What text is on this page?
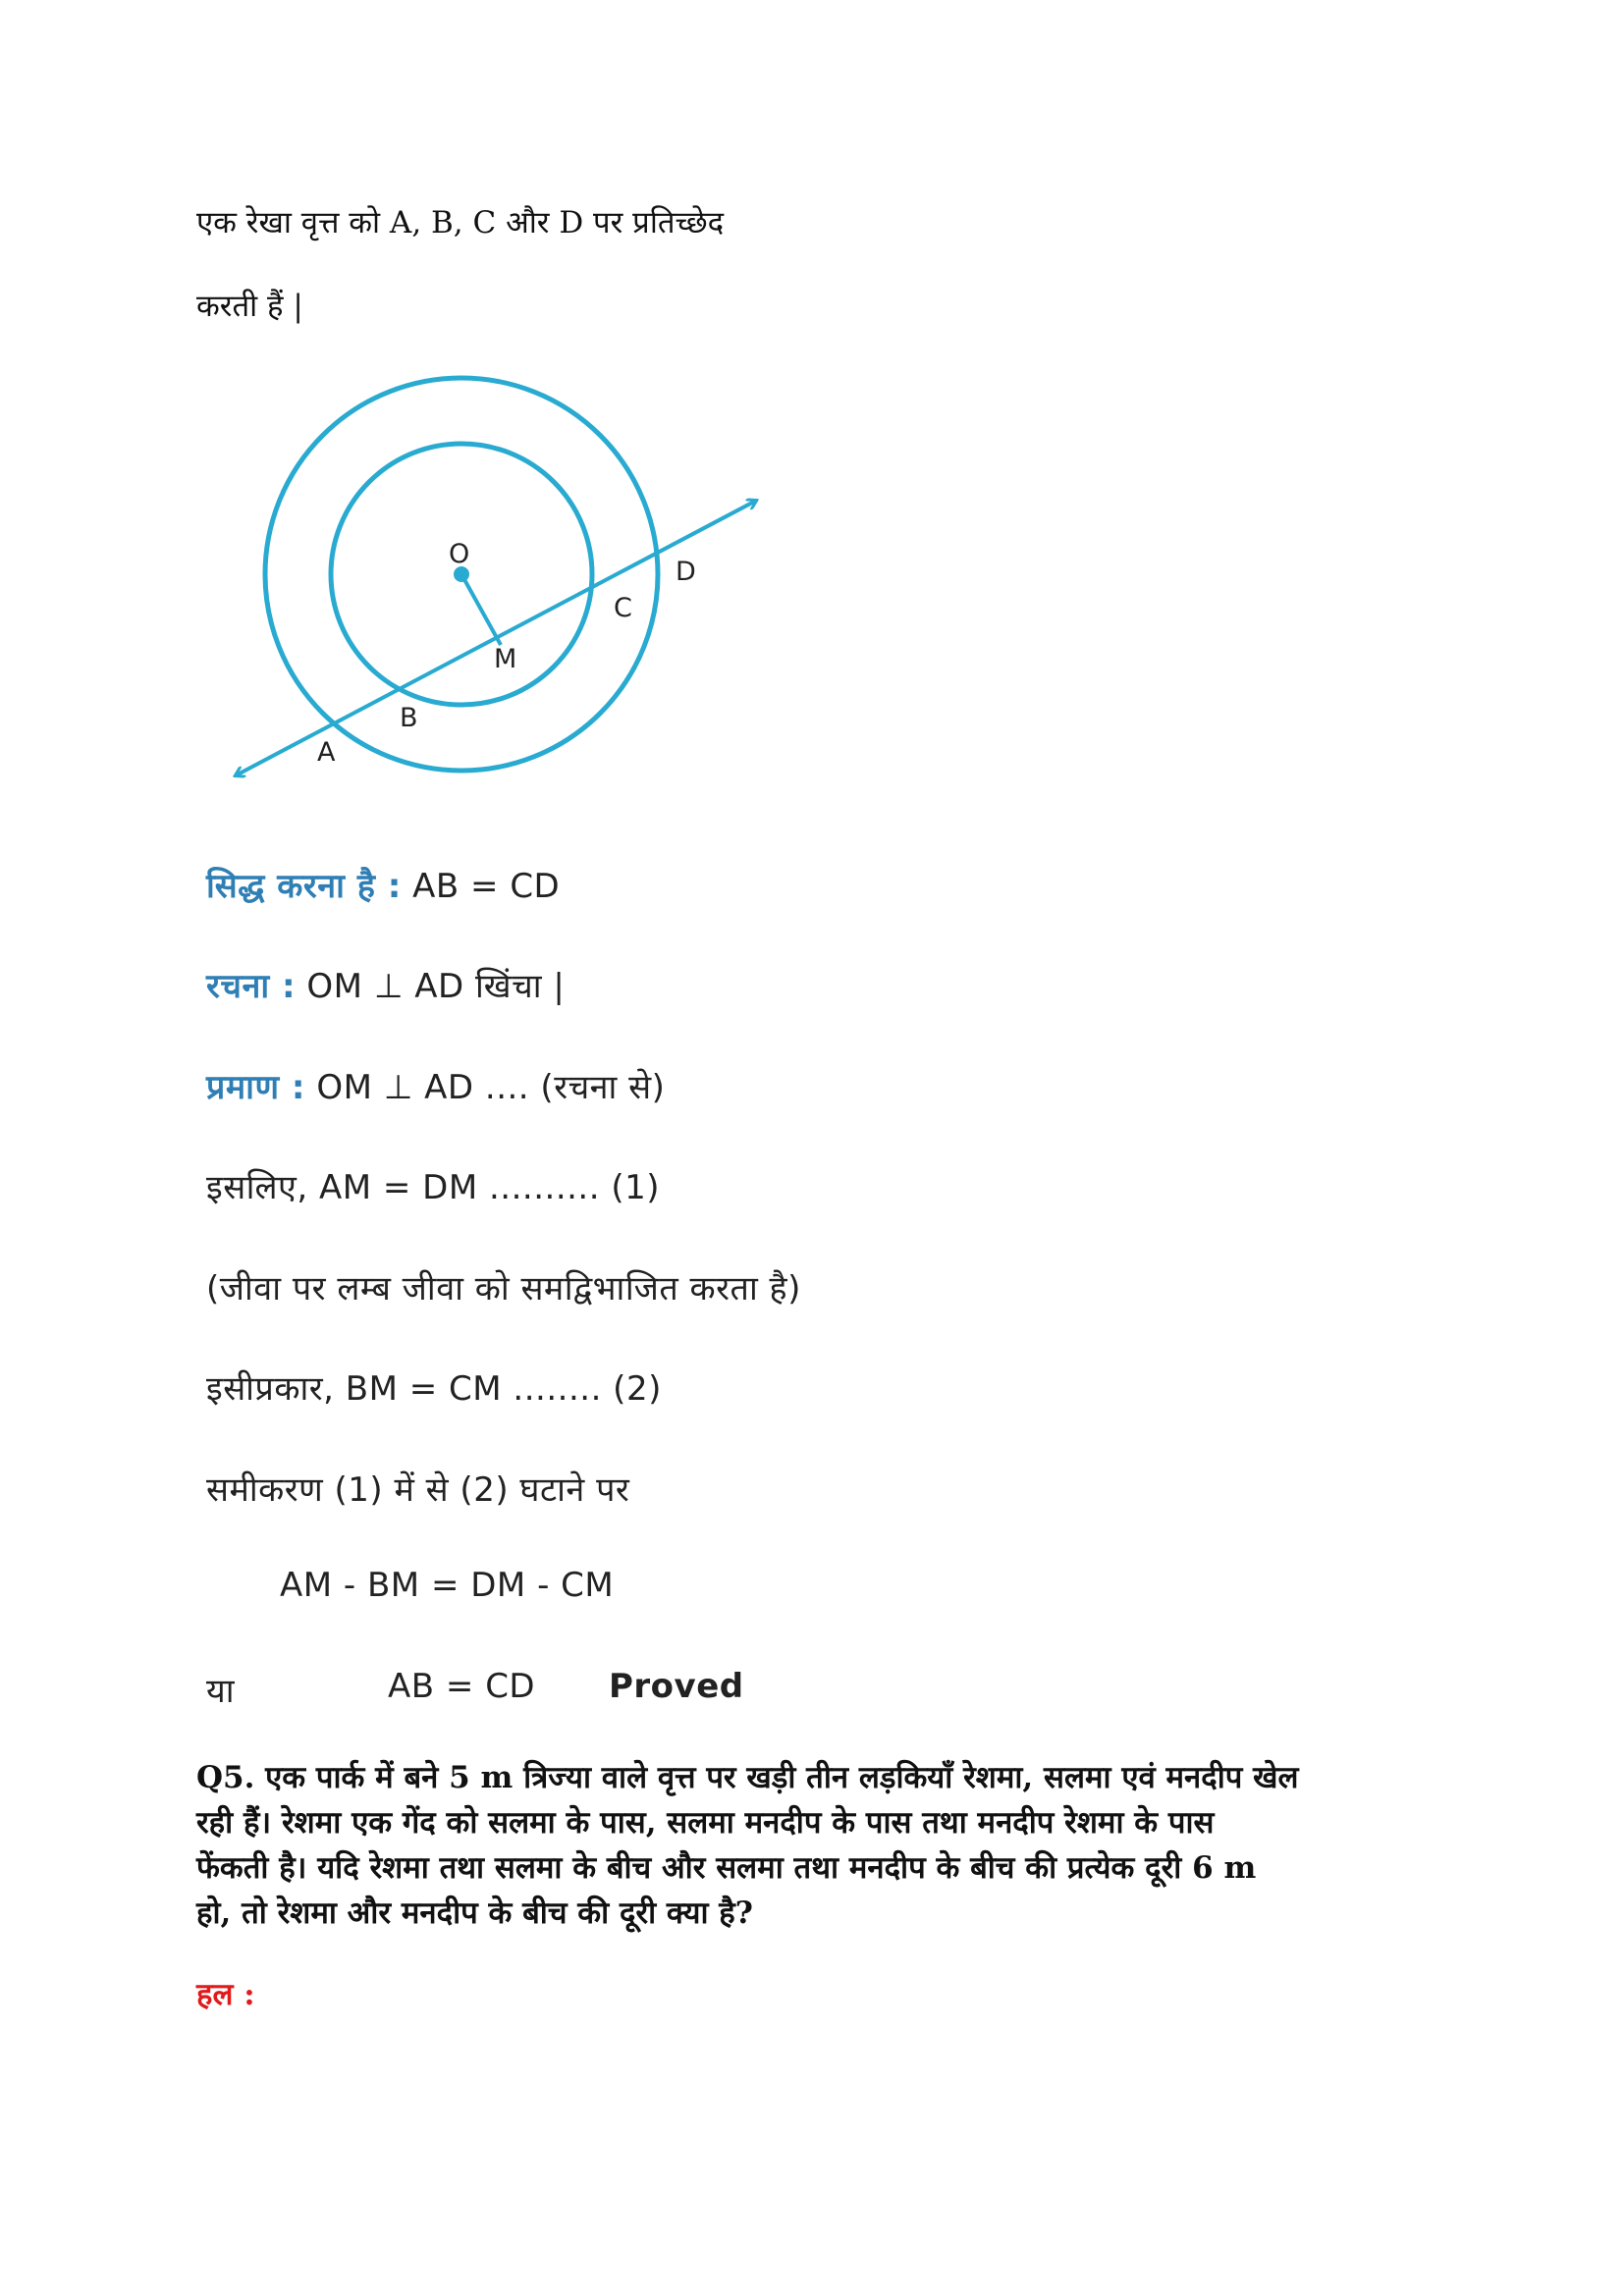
एक रेखा वृत्त को A, B, C और D पर प्रतिच्छेद
करती हैं |
O
M
A
B
C
D
सिद्ध करना है : AB = CD
रचना : OM ⊥ AD खिंचा |
प्रमाण : OM ⊥ AD .... (रचना से)
इसलिए, AM = DM .......... (1)
(जीवा पर लम्ब जीवा को समद्विभाजित करता है)
इसीप्रकार, BM = CM ........ (2)
समीकरण (1) में से (2) घटाने पर
AM - BM = DM - CM
या	AB = CD Proved
Q5. एक पार्क में बने 5 m त्रिज्या वाले वृत्त पर खड़ी तीन लड़कियाँ रेशमा, सलमा एवं मनदीप खेल
रही हैं। रेशमा एक गेंद को सलमा के पास, सलमा मनदीप के पास तथा मनदीप रेशमा के पास
फेंकती है। यदि रेशमा तथा सलमा के बीच और सलमा तथा मनदीप के बीच की प्रत्येक दूरी 6 m
हो, तो रेशमा और मनदीप के बीच की दूरी क्या है?
हल :
